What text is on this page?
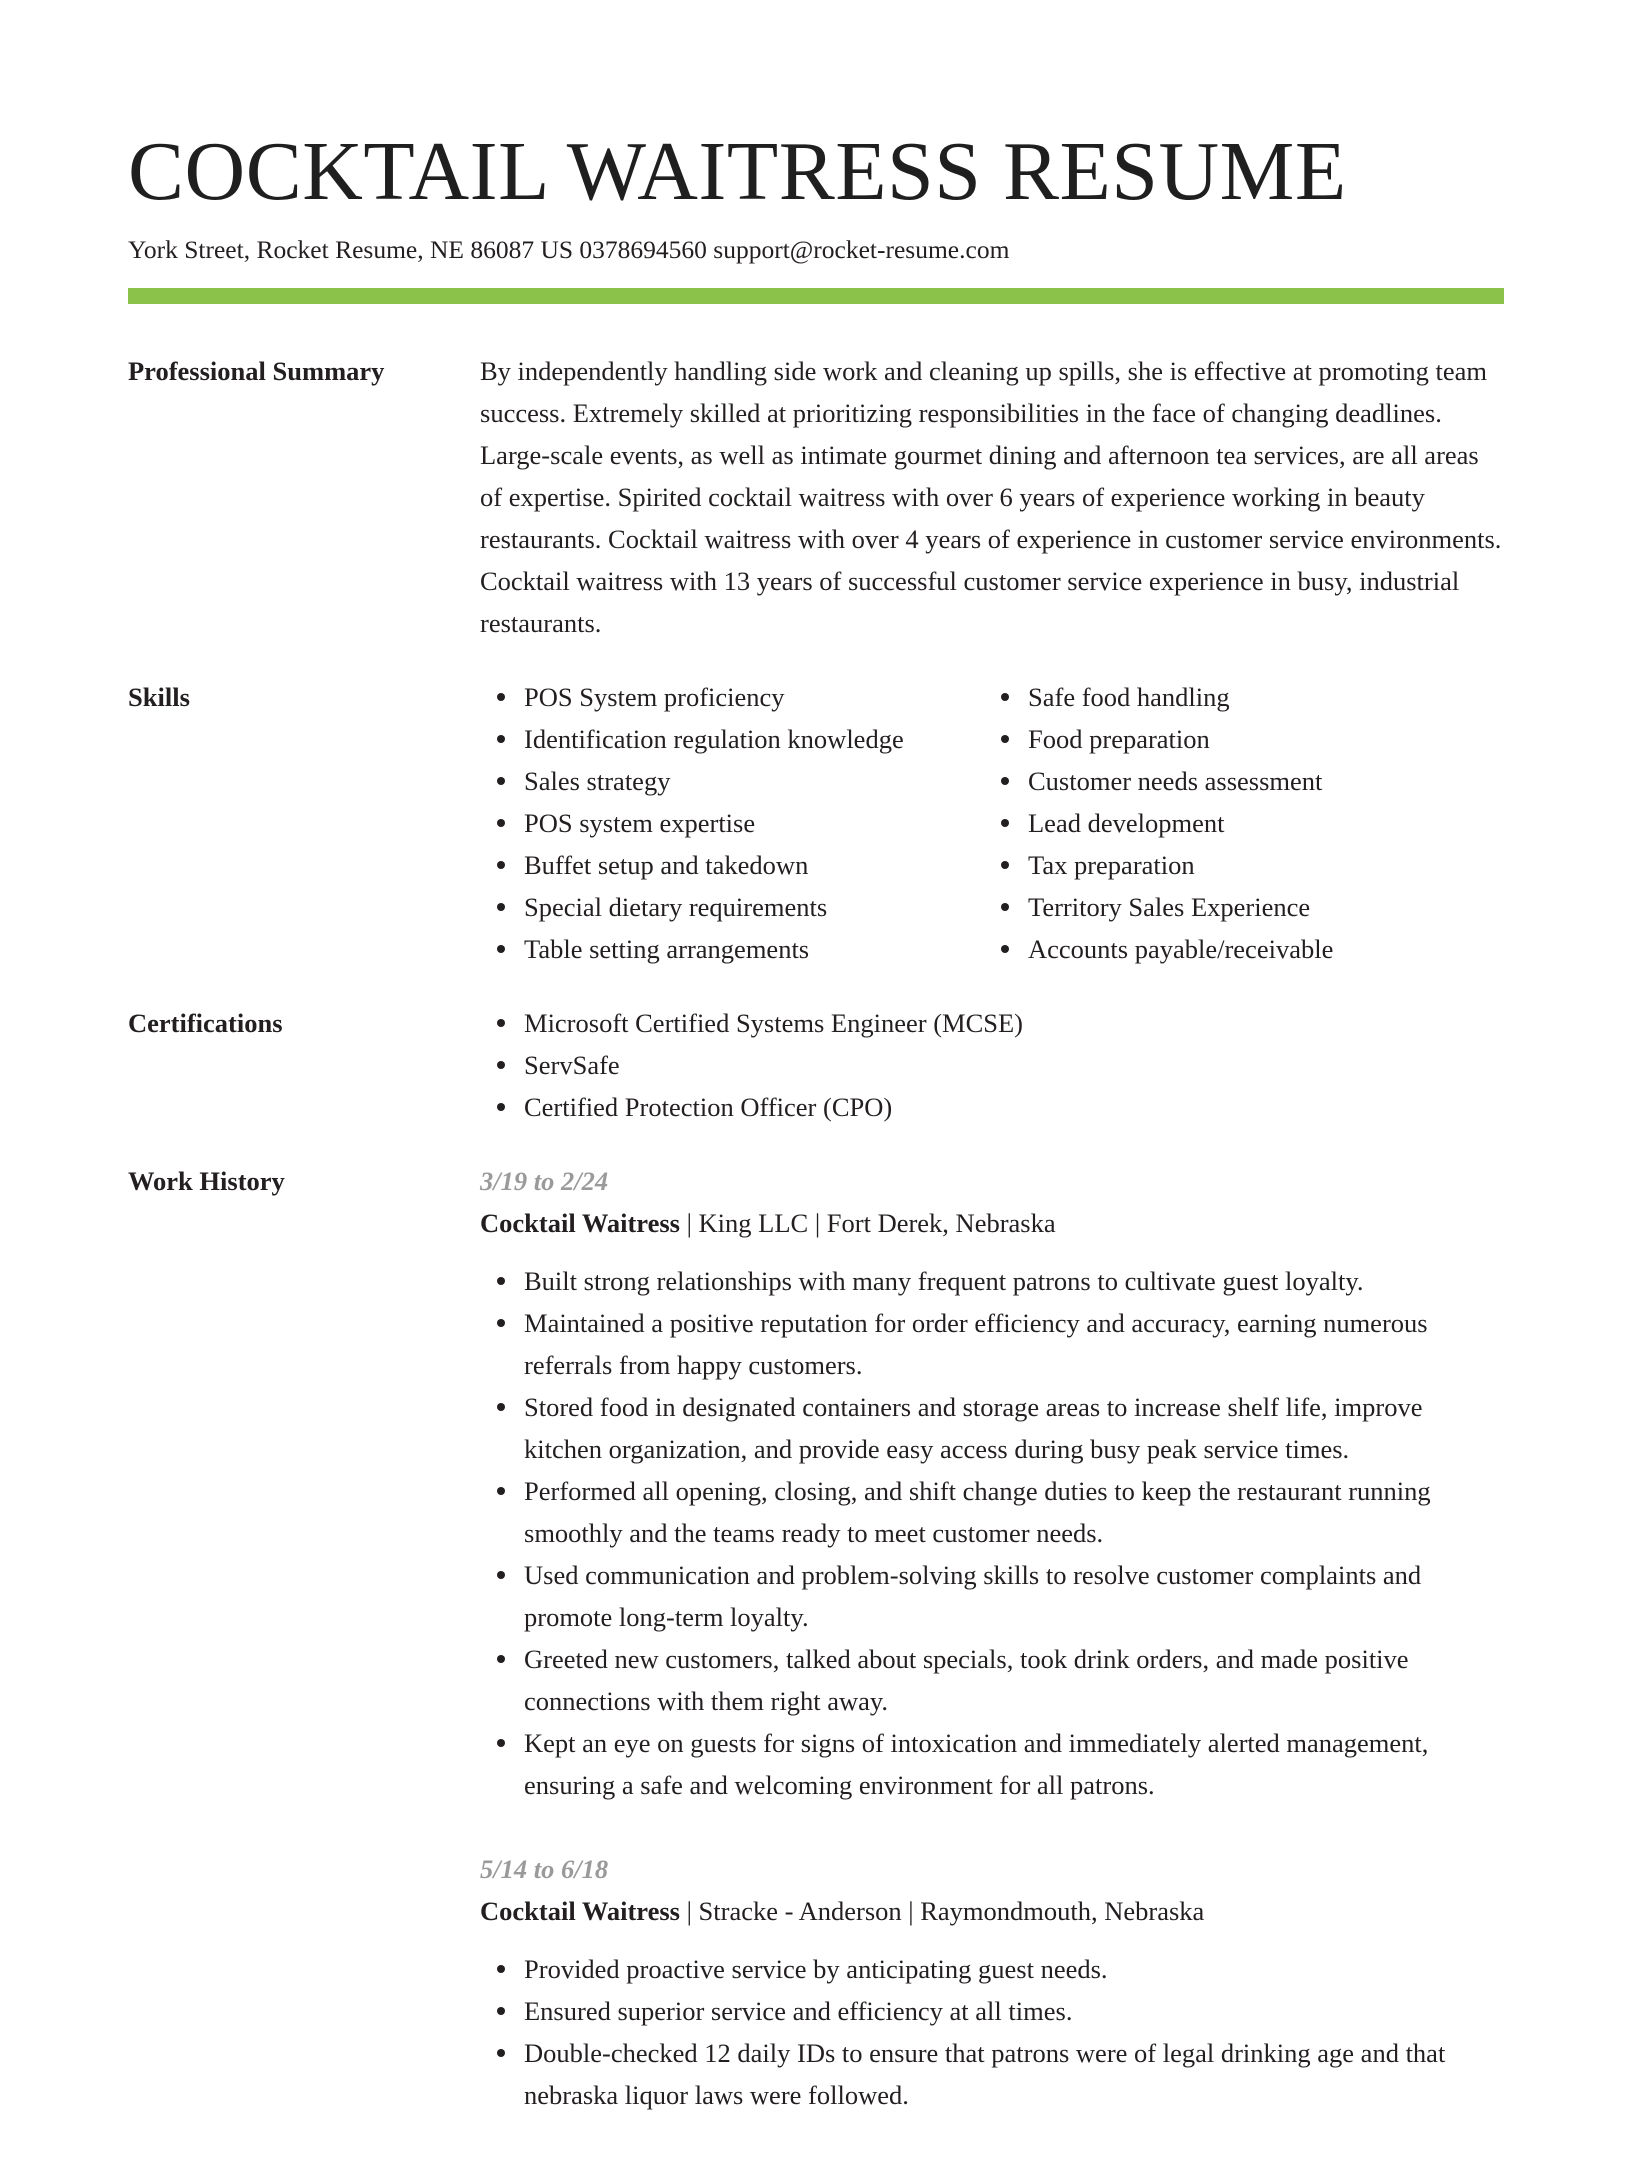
COCKTAIL WAITRESS RESUME
York Street, Rocket Resume, NE 86087 US 0378694560 support@rocket-resume.com
Professional Summary	By independently handling side work and cleaning up spills, she is effective at promoting team success. Extremely skilled at prioritizing responsibilities in the face of changing deadlines. Large-scale events, as well as intimate gourmet dining and afternoon tea services, are all areas of expertise. Spirited cocktail waitress with over 6 years of experience working in beauty restaurants. Cocktail waitress with over 4 years of experience in customer service environments. Cocktail waitress with 13 years of successful customer service experience in busy, industrial restaurants.
Skills	POS System proficiency
Identification regulation knowledge
Sales strategy
POS system expertise
Buffet setup and takedown
Special dietary requirements
Table setting arrangements
Safe food handling
Food preparation
Customer needs assessment
Lead development
Tax preparation
Territory Sales Experience
Accounts payable/receivable
Certifications	Microsoft Certified Systems Engineer (MCSE)
ServSafe
Certified Protection Officer (CPO)
Work History	3/19 to 2/24
Cocktail Waitress | King LLC | Fort Derek, Nebraska
Built strong relationships with many frequent patrons to cultivate guest loyalty.
Maintained a positive reputation for order efficiency and accuracy, earning numerous referrals from happy customers.
Stored food in designated containers and storage areas to increase shelf life, improve kitchen organization, and provide easy access during busy peak service times.
Performed all opening, closing, and shift change duties to keep the restaurant running smoothly and the teams ready to meet customer needs.
Used communication and problem-solving skills to resolve customer complaints and promote long-term loyalty.
Greeted new customers, talked about specials, took drink orders, and made positive connections with them right away.
Kept an eye on guests for signs of intoxication and immediately alerted management, ensuring a safe and welcoming environment for all patrons.
5/14 to 6/18
Cocktail Waitress | Stracke - Anderson | Raymondmouth, Nebraska
Provided proactive service by anticipating guest needs.
Ensured superior service and efficiency at all times.
Double-checked 12 daily IDs to ensure that patrons were of legal drinking age and that nebraska liquor laws were followed.
